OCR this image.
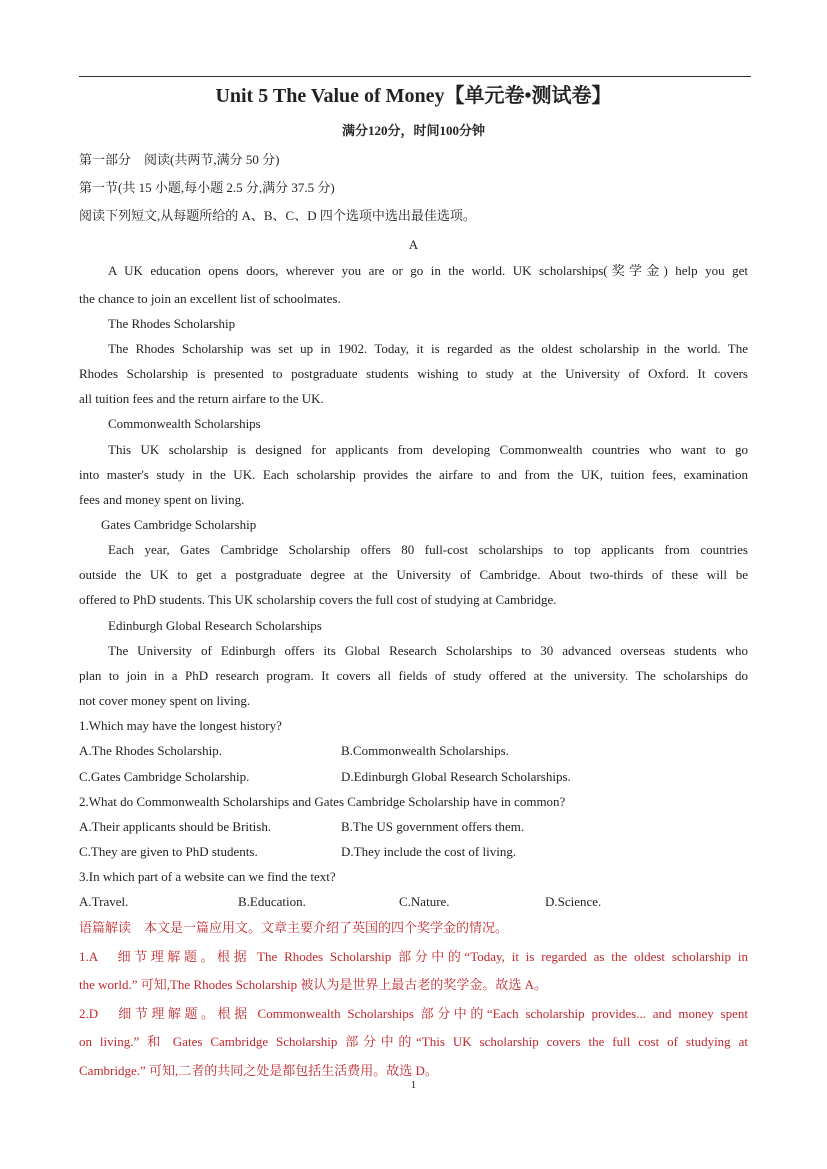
Unit 5 The Value of Money【单元卷•测试卷】
满分120分，时间100分钟
第一部分　阅读(共两节,满分 50 分)
第一节(共 15 小题,每小题 2.5 分,满分 37.5 分)
阅读下列短文,从每题所给的 A、B、C、D 四个选项中选出最佳选项。
A
A UK education opens doors, wherever you are or go in the world. UK scholarships(奖学金) help you get
the chance to join an excellent list of schoolmates.
The Rhodes Scholarship
The Rhodes Scholarship was set up in 1902. Today, it is regarded as the oldest scholarship in the world. The
Rhodes Scholarship is presented to postgraduate students wishing to study at the University of Oxford. It covers
all tuition fees and the return airfare to the UK.
Commonwealth Scholarships
This UK scholarship is designed for applicants from developing Commonwealth countries who want to go
into master's study in the UK. Each scholarship provides the airfare to and from the UK, tuition fees, examination
fees and money spent on living.
Gates Cambridge Scholarship
Each year, Gates Cambridge Scholarship offers 80 full-cost scholarships to top applicants from countries
outside the UK to get a postgraduate degree at the University of Cambridge. About two-thirds of these will be
offered to PhD students. This UK scholarship covers the full cost of studying at Cambridge.
Edinburgh Global Research Scholarships
The University of Edinburgh offers its Global Research Scholarships to 30 advanced overseas students who
plan to join in a PhD research program. It covers all fields of study offered at the university. The scholarships do
not cover money spent on living.
1.Which may have the longest history?
A.The Rhodes Scholarship.	B.Commonwealth Scholarships.
C.Gates Cambridge Scholarship.	D.Edinburgh Global Research Scholarships.
2.What do Commonwealth Scholarships and Gates Cambridge Scholarship have in common?
A.Their applicants should be British.	B.The US government offers them.
C.They are given to PhD students.	D.They include the cost of living.
3.In which part of a website can we find the text?
A.Travel.	B.Education.	C.Nature.	D.Science.
语篇解读　本文是一篇应用文。文章主要介绍了英国的四个奖学金的情况。
1.A　细节理解题。根据 The Rhodes Scholarship 部分中的“Today, it is regarded as the oldest scholarship in
the world.” 可知,The Rhodes Scholarship 被认为是世界上最古老的奖学金。故选 A。
2.D　细节理解题。根据 Commonwealth Scholarships 部分中的“Each scholarship provides... and money spent
on living.” 和 Gates Cambridge Scholarship 部分中的“This UK scholarship covers the full cost of studying at
Cambridge.” 可知,二者的共同之处是都包括生活费用。故选 D。
1
